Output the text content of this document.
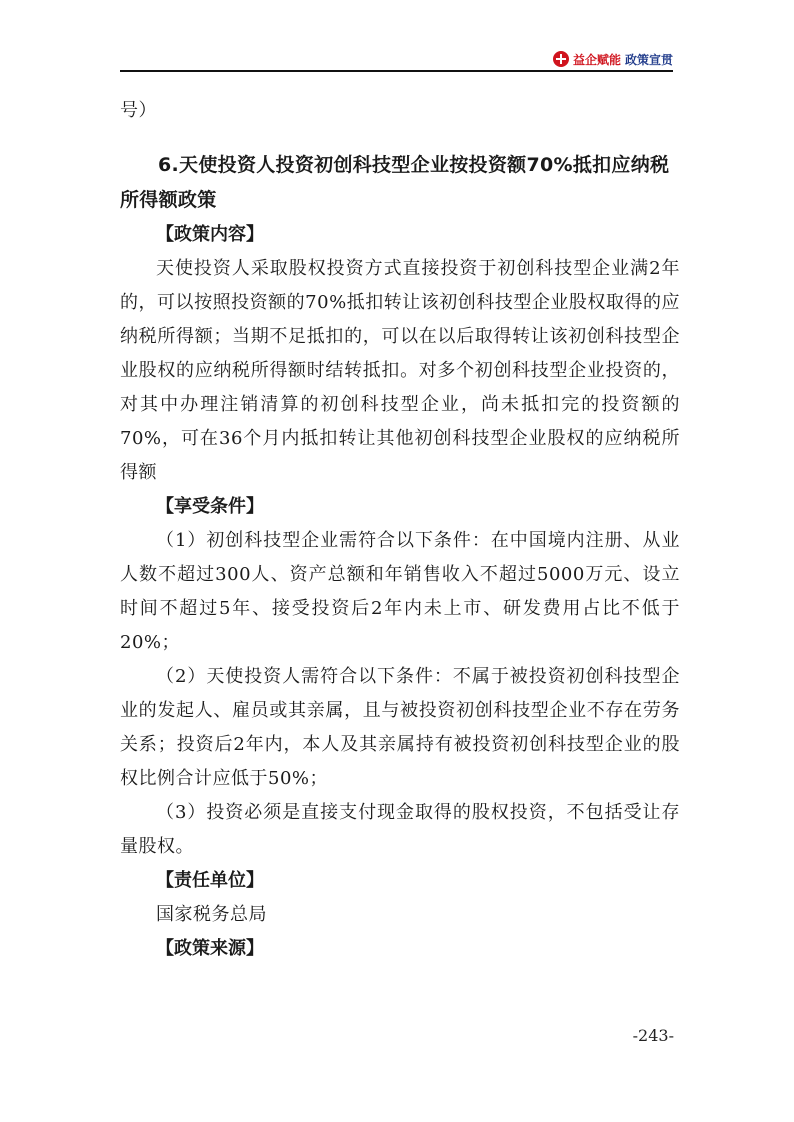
益企赋能 政策宣贯

号）

6.天使投资人投资初创科技型企业按投资额70%抵扣应纳税所得额政策

【政策内容】

天使投资人采取股权投资方式直接投资于初创科技型企业满2年的，可以按照投资额的70%抵扣转让该初创科技型企业股权取得的应纳税所得额；当期不足抵扣的，可以在以后取得转让该初创科技型企业股权的应纳税所得额时结转抵扣。对多个初创科技型企业投资的，对其中办理注销清算的初创科技型企业，尚未抵扣完的投资额的70%，可在36个月内抵扣转让其他初创科技型企业股权的应纳税所得额

【享受条件】

（1）初创科技型企业需符合以下条件：在中国境内注册、从业人数不超过300人、资产总额和年销售收入不超过5000万元、设立时间不超过5年、接受投资后2年内未上市、研发费用占比不低于20%；

（2）天使投资人需符合以下条件：不属于被投资初创科技型企业的发起人、雇员或其亲属，且与被投资初创科技型企业不存在劳务关系；投资后2年内，本人及其亲属持有被投资初创科技型企业的股权比例合计应低于50%；

（3）投资必须是直接支付现金取得的股权投资，不包括受让存量股权。

【责任单位】

国家税务总局

【政策来源】

-243-
